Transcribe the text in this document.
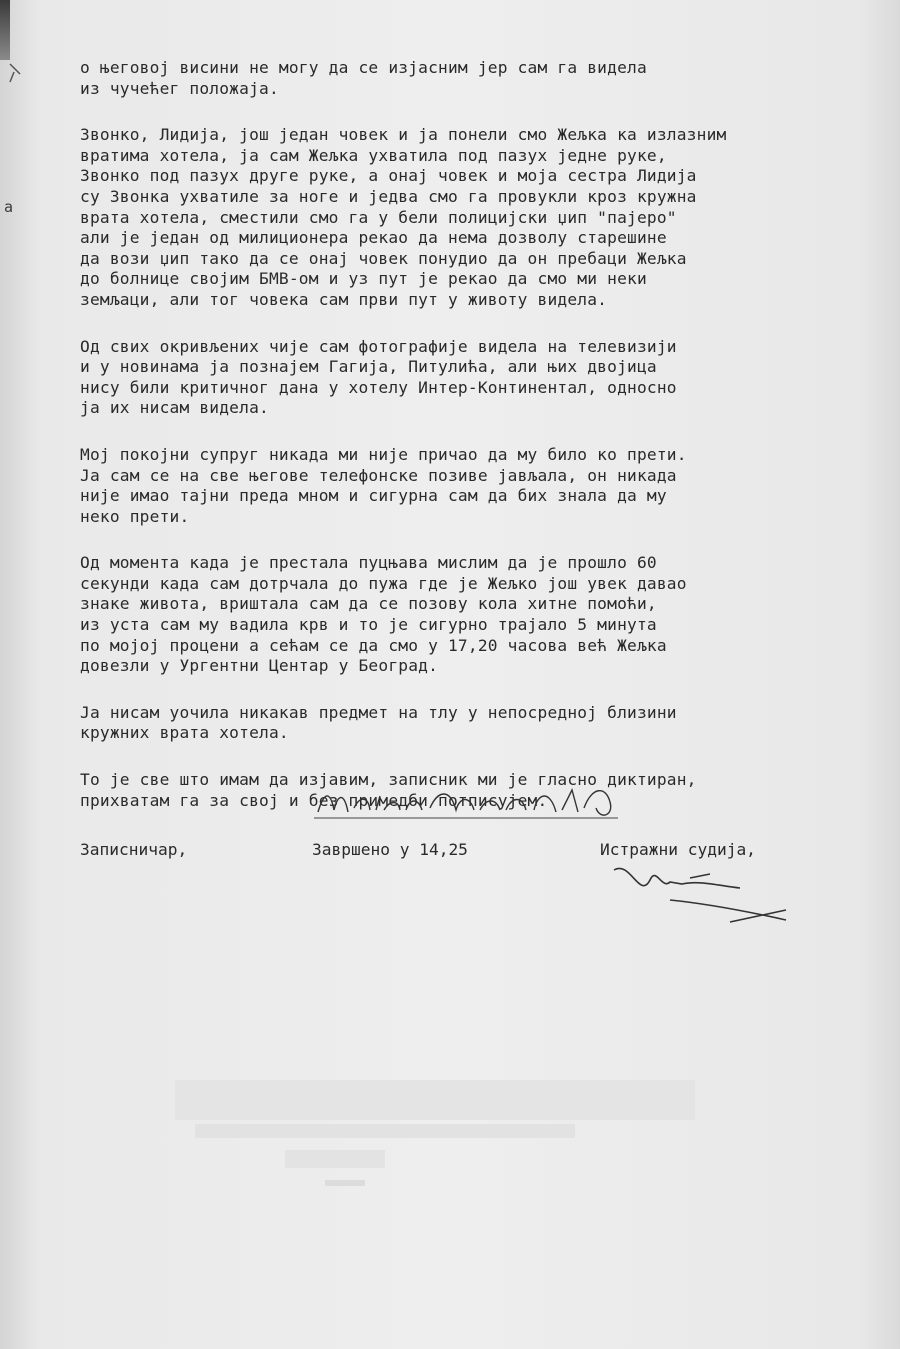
а
о његовој висини не могу да се изјасним јер сам га видела
из чучећег положаја.
Звонко, Лидија, још један човек и ја понели смо Жељка ка излазним
вратима хотела, ја сам Жељка ухватила под пазух једне руке,
Звонко под пазух друге руке, а онај човек и моја сестра Лидија
су Звонка ухватиле за ноге и једва смо га провукли кроз кружна
врата хотела, сместили смо га у бели полицијски џип "пајеро"
али је један од милиционера рекао да нема дозволу старешине
да вози џип тако да се онај човек понудио да он пребаци Жељка
до болнице својим БМВ-ом и уз пут је рекао да смо ми неки
земљаци, али тог човека сам први пут у животу видела.
Од свих окривљених чије сам фотографије видела на телевизији
и у новинама ја познајем Гагија, Питулића, али њих двојица
нису били критичног дана у хотелу Интер-Континентал, односно
ја их нисам видела.
Мој покојни супруг никада ми није причао да му било ко прети.
Ја сам се на све његове телефонске позиве јављала, он никада
није имао тајни преда мном и сигурна сам да бих знала да му
неко прети.
Од момента када је престала пуцњава мислим да је прошло 60
секунди када сам дотрчала до пужа где је Жељко још увек давао
знаке живота, вриштала сам да се позову кола хитне помоћи,
из уста сам му вадила крв и то је сигурно трајало 5 минута
по мојој процени а сећам се да смо у 17,20 часова већ Жељка
довезли у Ургентни Центар у Београд.
Ја нисам уочила никакав предмет на тлу у непосредној близини
кружних врата хотела.
То је све што имам да изјавим, записник ми је гласно диктиран,
прихватам га за свој и без примедби потписујем.
Записничар,	Завршено у 14,25	Истражни судија,
